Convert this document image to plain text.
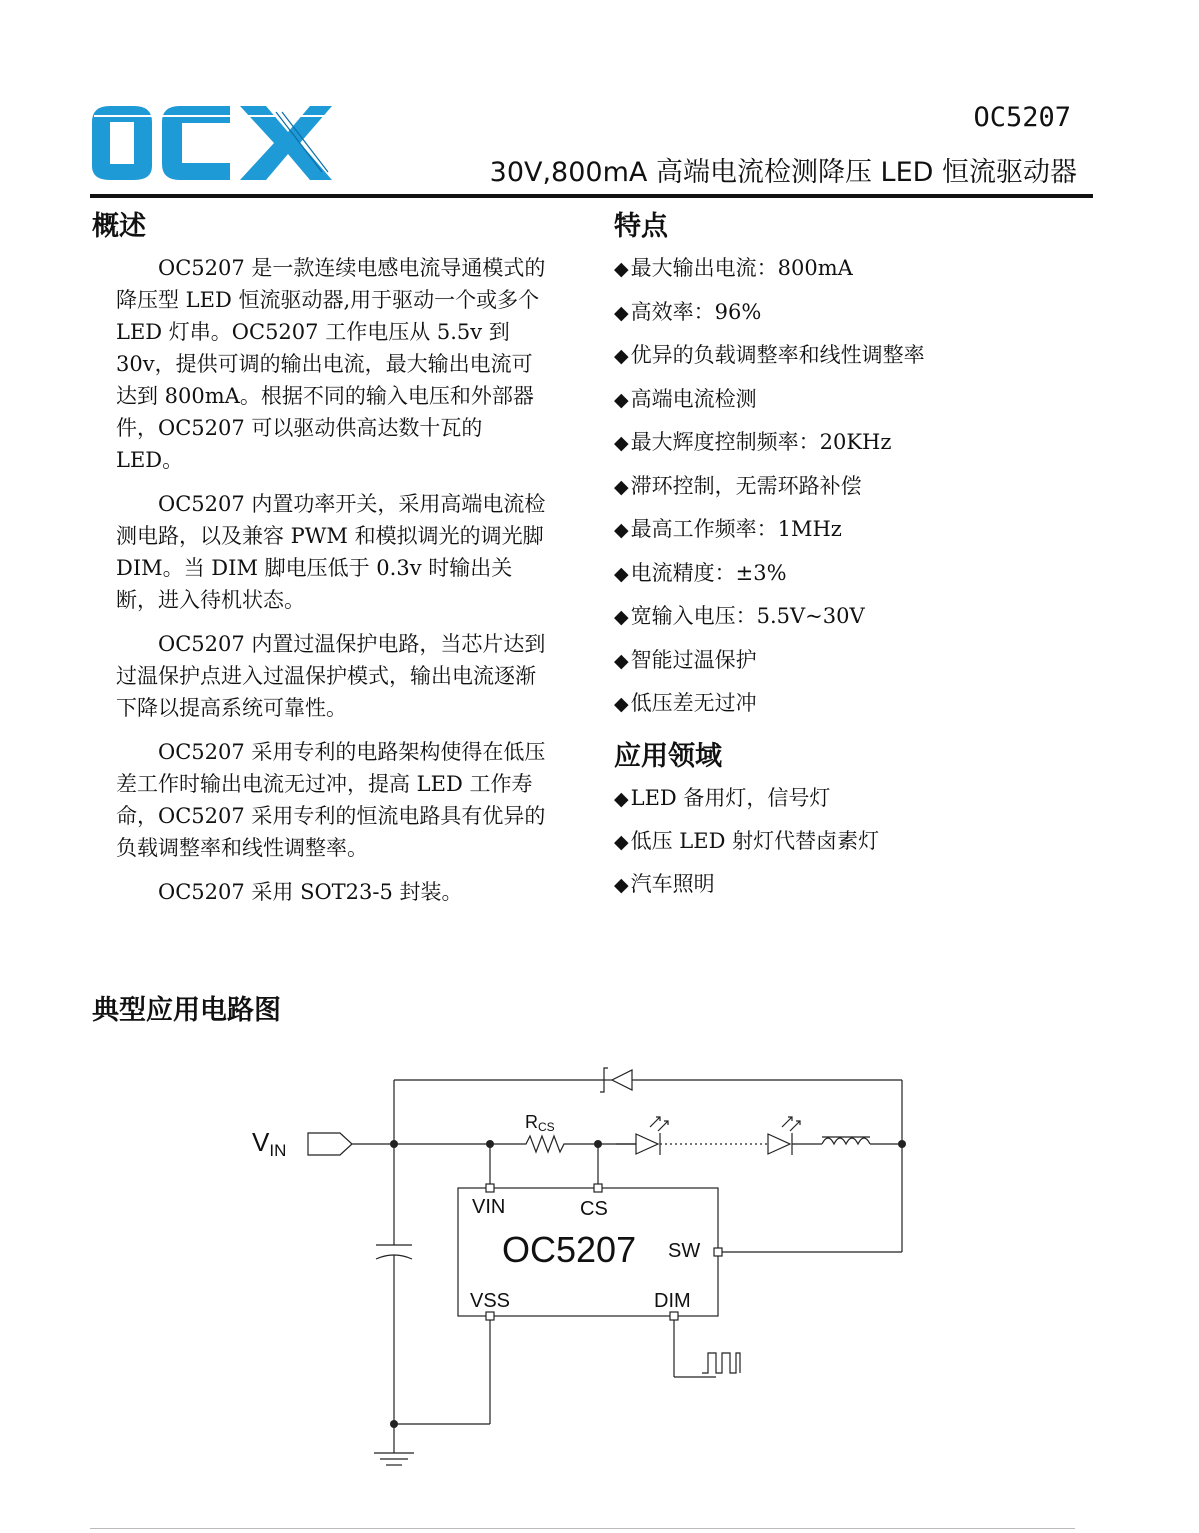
OC5207
30V,800mA 高端电流检测降压 LED 恒流驱动器
概述

OC5207 是一款连续电感电流导通模式的降压型 LED 恒流驱动器,用于驱动一个或多个 LED 灯串。OC5207 工作电压从 5.5v 到 30v，提供可调的输出电流，最大输出电流可达到 800mA。根据不同的输入电压和外部器件，OC5207 可以驱动供高达数十瓦的 LED。

OC5207 内置功率开关，采用高端电流检测电路，以及兼容 PWM 和模拟调光的调光脚 DIM。当 DIM 脚电压低于 0.3v 时输出关断，进入待机状态。

OC5207 内置过温保护电路，当芯片达到过温保护点进入过温保护模式，输出电流逐渐下降以提高系统可靠性。

OC5207 采用专利的电路架构使得在低压差工作时输出电流无过冲，提高 LED 工作寿命，OC5207 采用专利的恒流电路具有优异的负载调整率和线性调整率。

OC5207 采用 SOT23-5 封装。

特点
◆最大输出电流：800mA
◆高效率：96%
◆优异的负载调整率和线性调整率
◆高端电流检测
◆最大辉度控制频率：20KHz
◆滞环控制，无需环路补偿
◆最高工作频率：1MHz
◆电流精度：±3%
◆宽输入电压：5.5V~30V
◆智能过温保护
◆低压差无过冲
应用领域
◆LED 备用灯，信号灯
◆低压 LED 射灯代替卤素灯
◆汽车照明
典型应用电路图
VIN
RCS
OC5207
VIN	CS
SW
VSS	DIM
